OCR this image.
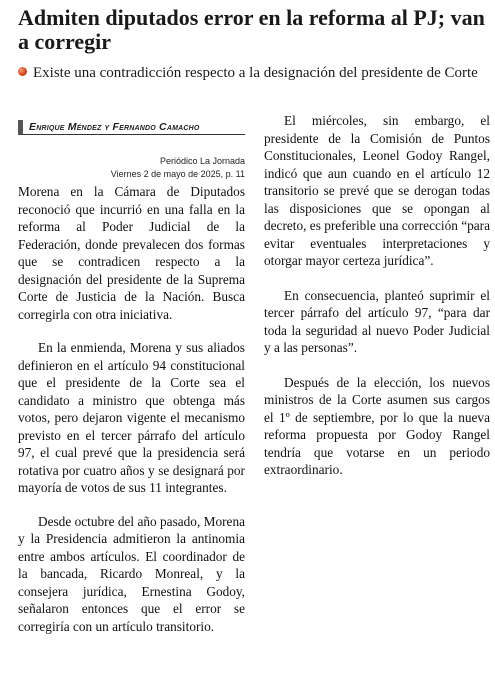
Admiten diputados error en la reforma al PJ; van a corregir
Existe una contradicción respecto a la designación del presidente de Corte
Enrique Méndez y Fernando Camacho
Periódico La Jornada
Viernes 2 de mayo de 2025, p. 11

Morena en la Cámara de Diputados reconoció que incurrió en una falla en la reforma al Poder Judicial de la Federación, donde prevalecen dos formas que se contradicen respecto a la designación del presidente de la Suprema Corte de Justicia de la Nación. Busca corregirla con otra iniciativa.

En la enmienda, Morena y sus aliados definieron en el artículo 94 constitucional que el presidente de la Corte sea el candidato a ministro que obtenga más votos, pero dejaron vigente el mecanismo previsto en el tercer párrafo del artículo 97, el cual prevé que la presidencia será rotativa por cuatro años y se designará por mayoría de votos de sus 11 integrantes.

Desde octubre del año pasado, Morena y la Presidencia admitieron la antinomia entre ambos artículos. El coordinador de la bancada, Ricardo Monreal, y la consejera jurídica, Ernestina Godoy, señalaron entonces que el error se corregiría con un artículo transitorio.

El miércoles, sin embargo, el presidente de la Comisión de Puntos Constitucionales, Leonel Godoy Rangel, indicó que aun cuando en el artículo 12 transitorio se prevé que se derogan todas las disposiciones que se opongan al decreto, es preferible una corrección “para evitar eventuales interpretaciones y otorgar mayor certeza jurídica”.

En consecuencia, planteó suprimir el tercer párrafo del artículo 97, “para dar toda la seguridad al nuevo Poder Judicial y a las personas”.

Después de la elección, los nuevos ministros de la Corte asumen sus cargos el 1º de septiembre, por lo que la nueva reforma propuesta por Godoy Rangel tendría que votarse en un periodo extraordinario.
